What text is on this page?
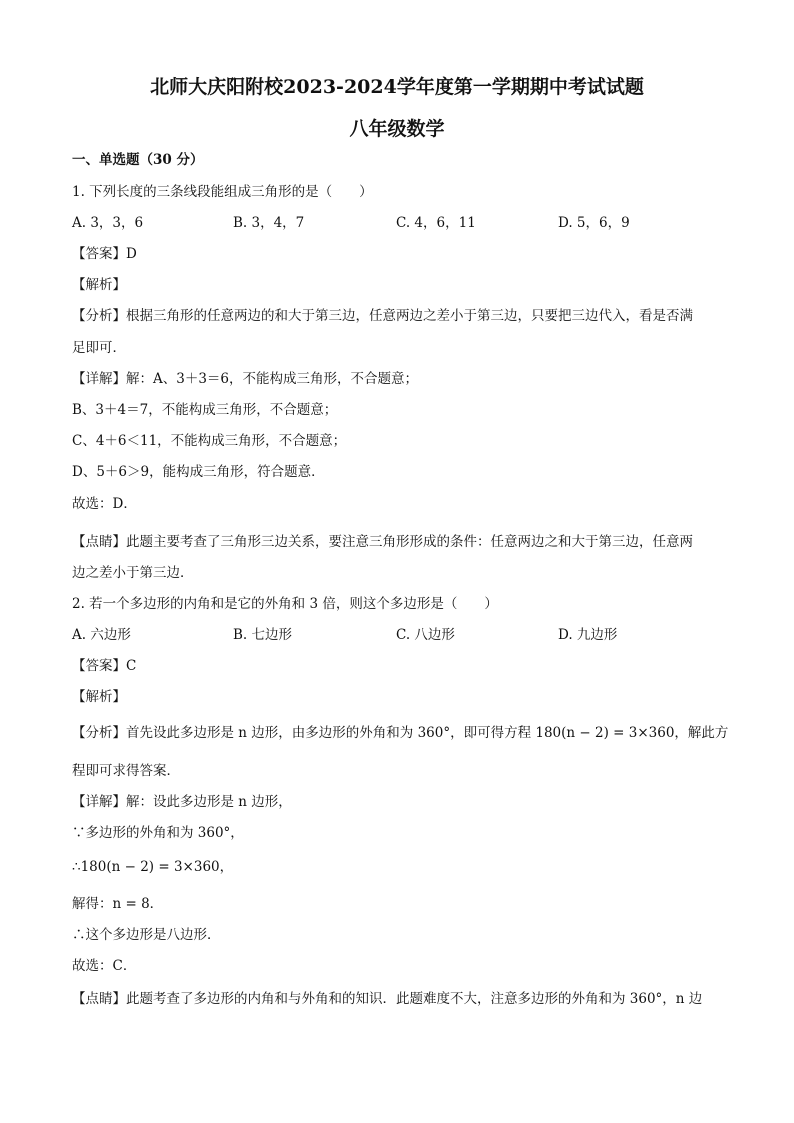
北师大庆阳附校2023-2024学年度第一学期期中考试试题
八年级数学
一、单选题（30 分）
1. 下列长度的三条线段能组成三角形的是（　　）
A. 3，3，6	B. 3，4，7	C. 4，6，11	D. 5，6，9
【答案】D
【解析】
【分析】根据三角形的任意两边的和大于第三边，任意两边之差小于第三边，只要把三边代入，看是否满
足即可．
【详解】解：A、3＋3＝6，不能构成三角形，不合题意；
B、3＋4＝7，不能构成三角形，不合题意；
C、4＋6＜11，不能构成三角形，不合题意；
D、5＋6＞9，能构成三角形，符合题意．
故选：D．
【点睛】此题主要考查了三角形三边关系，要注意三角形形成的条件：任意两边之和大于第三边，任意两
边之差小于第三边．
2. 若一个多边形的内角和是它的外角和 3 倍，则这个多边形是（　　）
A. 六边形	B. 七边形	C. 八边形	D. 九边形
【答案】C
【解析】
【分析】首先设此多边形是 n 边形，由多边形的外角和为 360°，即可得方程 180(n − 2) = 3×360，解此方
程即可求得答案．
【详解】解：设此多边形是 n 边形，
∵多边形的外角和为 360°，
∴180(n − 2) = 3×360，
解得：n = 8．
∴这个多边形是八边形．
故选：C．
【点睛】此题考查了多边形的内角和与外角和的知识．此题难度不大，注意多边形的外角和为 360°，n 边
